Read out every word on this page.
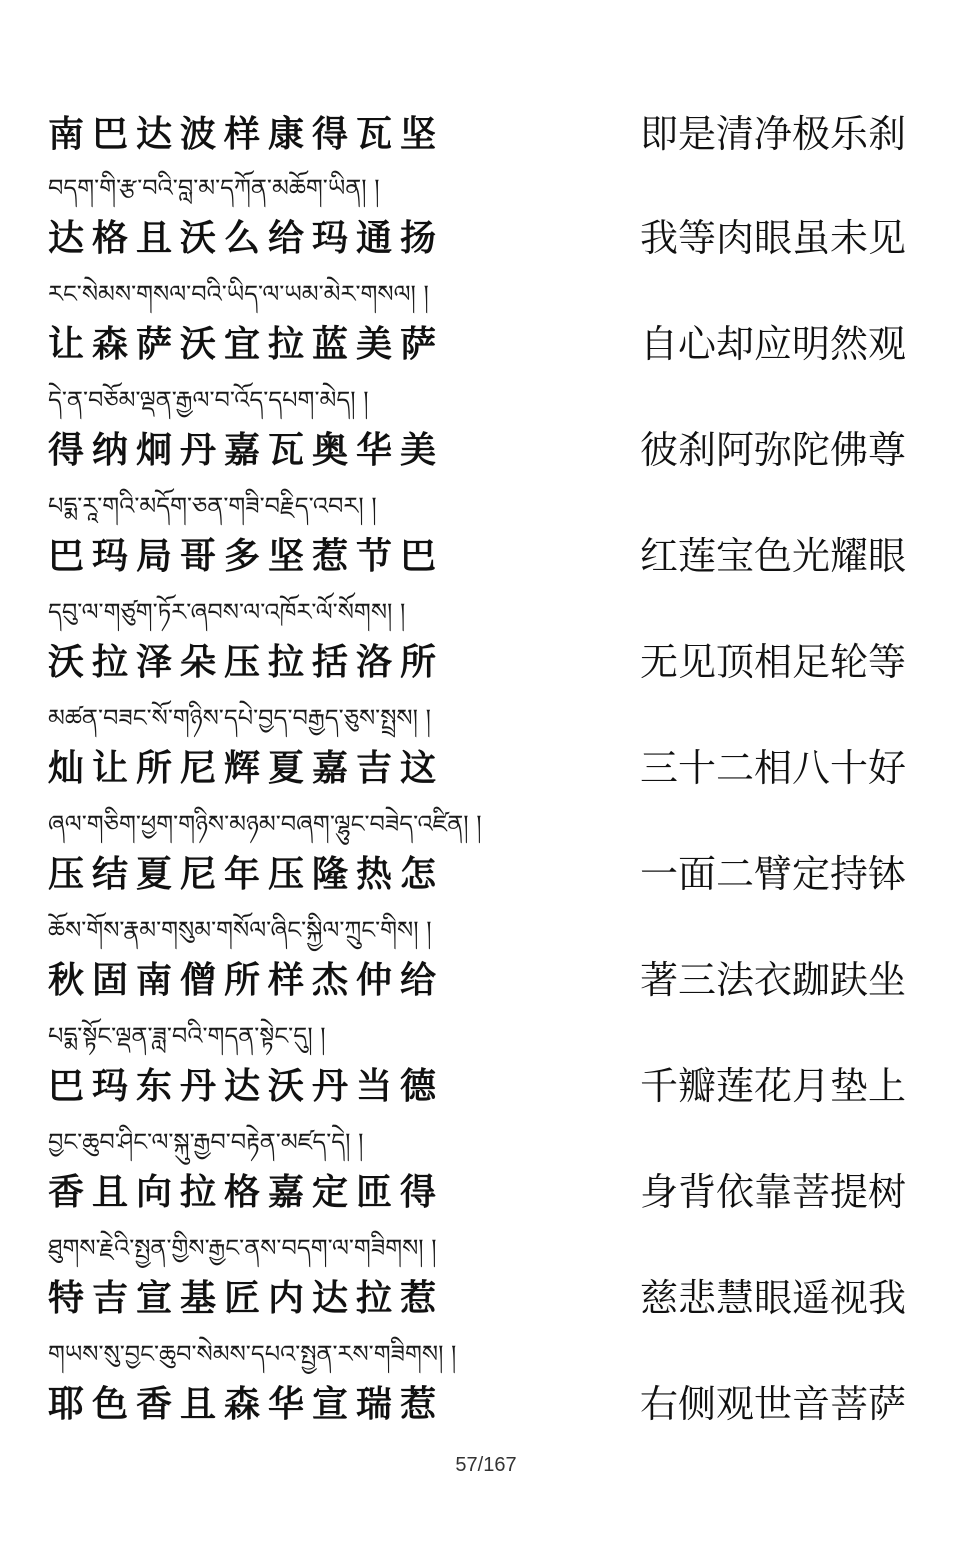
南巴达波样康得瓦坚	即是清净极乐刹
བདག་གི་རྩ་བའི་བླ་མ་དཀོན་མཆོག་ཡིན། །
达格且沃么给玛通扬	我等肉眼虽未见
རང་སེམས་གསལ་བའི་ཡིད་ལ་ཡམ་མེར་གསལ། །
让森萨沃宜拉蓝美萨	自心却应明然观
དེ་ན་བཅོམ་ལྡན་རྒྱལ་བ་འོད་དཔག་མེད། །
得纳炯丹嘉瓦奥华美	彼刹阿弥陀佛尊
པདྨ་རཱ་གའི་མདོག་ཅན་གཟི་བརྗིད་འབར། །
巴玛局哥多坚惹节巴	红莲宝色光耀眼
དབུ་ལ་གཙུག་ཏོར་ཞབས་ལ་འཁོར་ལོ་སོགས། །
沃拉泽朵压拉括洛所	无见顶相足轮等
མཚན་བཟང་སོ་གཉིས་དཔེ་བྱད་བརྒྱད་ཅུས་སྤྲས། །
灿让所尼辉夏嘉吉这	三十二相八十好
ཞལ་གཅིག་ཕྱག་གཉིས་མཉམ་བཞག་ལྷུང་བཟེད་འཛིན། །
压结夏尼年压隆热怎	一面二臂定持钵
ཆོས་གོས་རྣམ་གསུམ་གསོལ་ཞིང་སྐྱིལ་ཀྲུང་གིས། །
秋固南僧所样杰仲给	著三法衣跏趺坐
པདྨ་སྟོང་ལྡན་ཟླ་བའི་གདན་སྟེང་དུ། །
巴玛东丹达沃丹当德	千瓣莲花月垫上
བྱང་ཆུབ་ཤིང་ལ་སྐུ་རྒྱབ་བརྟེན་མཛད་དེ། །
香且向拉格嘉定匝得	身背依靠菩提树
ཐུགས་རྗེའི་སྤྱན་གྱིས་རྒྱང་ནས་བདག་ལ་གཟིགས། །
特吉宣基匠内达拉惹	慈悲慧眼遥视我
གཡས་སུ་བྱང་ཆུབ་སེམས་དཔའ་སྤྱན་རས་གཟིགས། །
耶色香且森华宣瑞惹	右侧观世音菩萨
57/167
